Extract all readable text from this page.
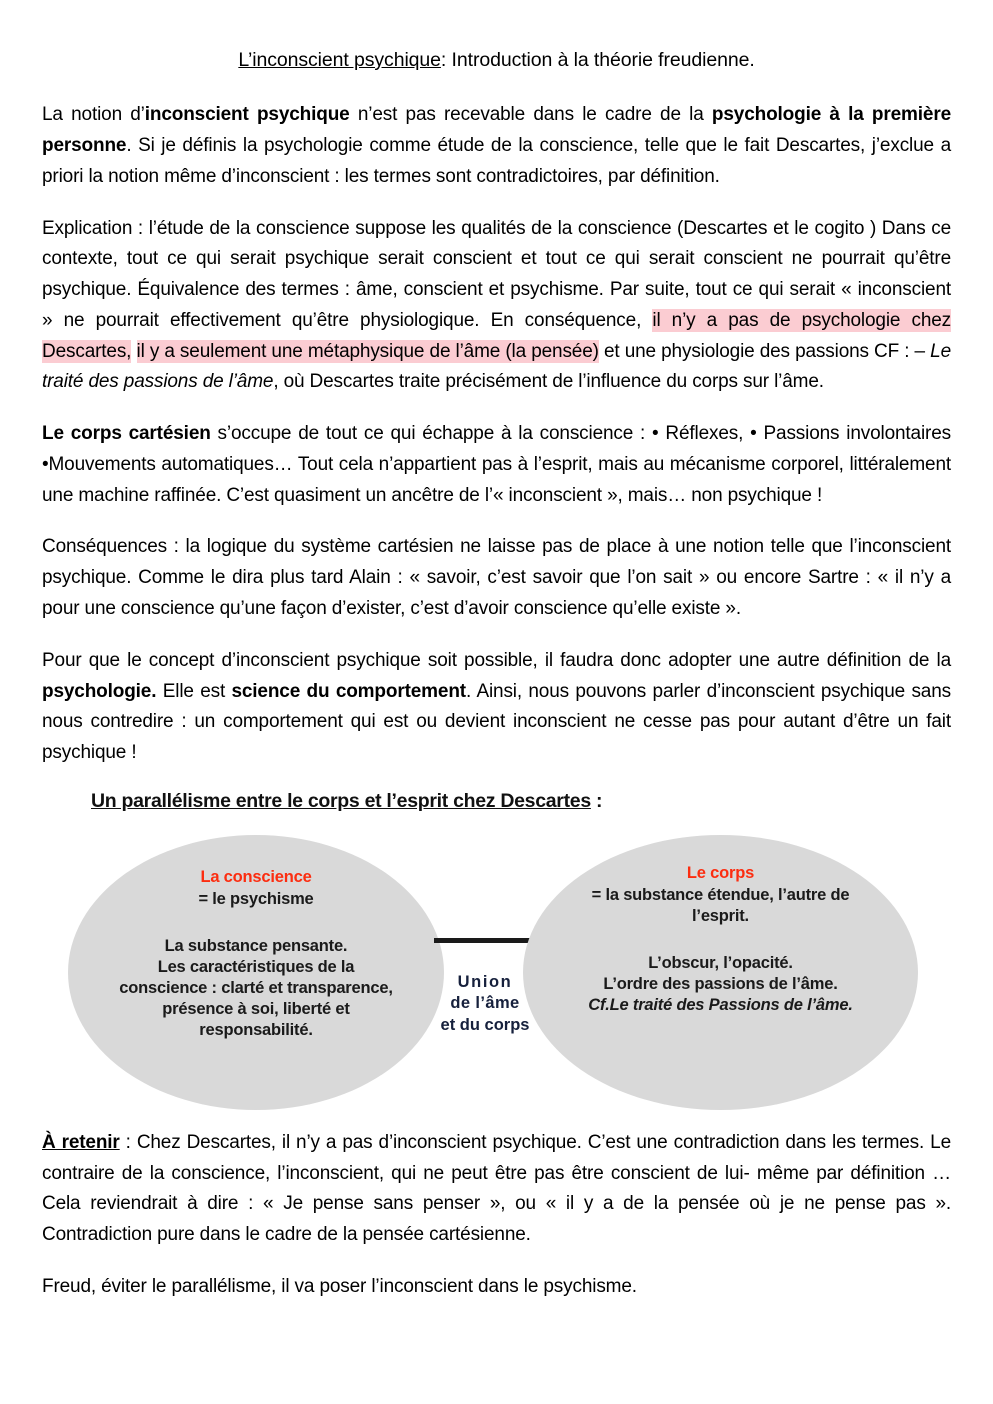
L’inconscient psychique: Introduction à la théorie freudienne.

La notion d’inconscient psychique n’est pas recevable dans le cadre de la psychologie à la première personne. Si je définis la psychologie comme étude de la conscience, telle que le fait Descartes, j’exclue a priori la notion même d’inconscient : les termes sont contradictoires, par définition.

Explication : l’étude de la conscience suppose les qualités de la conscience (Descartes et le cogito ) Dans ce contexte, tout ce qui serait psychique serait conscient et tout ce qui serait conscient ne pourrait qu’être psychique. Équivalence des termes : âme, conscient et psychisme. Par suite, tout ce qui serait « inconscient » ne pourrait effectivement qu’être physiologique. En conséquence, il n’y a pas de psychologie chez Descartes, il y a seulement une métaphysique de l’âme (la pensée) et une physiologie des passions CF : – Le traité des passions de l’âme, où Descartes traite précisément de l’influence du corps sur l’âme.

Le corps cartésien s’occupe de tout ce qui échappe à la conscience : • Réflexes, • Passions involontaires •Mouvements automatiques… Tout cela n’appartient pas à l’esprit, mais au mécanisme corporel, littéralement une machine raffinée. C’est quasiment un ancêtre de l’« inconscient », mais… non psychique !

Conséquences : la logique du système cartésien ne laisse pas de place à une notion telle que l’inconscient psychique. Comme le dira plus tard Alain : « savoir, c’est savoir que l’on sait » ou encore Sartre : « il n’y a pour une conscience qu’une façon d’exister, c’est d’avoir conscience qu’elle existe ».

Pour que le concept d’inconscient psychique soit possible, il faudra donc adopter une autre définition de la psychologie. Elle est science du comportement. Ainsi, nous pouvons parler d’inconscient psychique sans nous contredire : un comportement qui est ou devient inconscient ne cesse pas pour autant d’être un fait psychique !

Un parallélisme entre le corps et l’esprit chez Descartes :
La conscience
= le psychisme
La substance pensante.
Les caractéristiques de la
conscience : clarté et transparence,
présence à soi, liberté et
responsabilité.
Union
de l’âme
et du corps
Le corps
= la substance étendue, l’autre de
l’esprit.
L’obscur, l’opacité.
L’ordre des passions de l’âme.
Cf.Le traité des Passions de l’âme.

À retenir : Chez Descartes, il n’y a pas d’inconscient psychique. C’est une contradiction dans les termes. Le contraire de la conscience, l’inconscient, qui ne peut être pas être conscient de lui- même par définition …Cela reviendrait à dire : « Je pense sans penser », ou « il y a de la pensée où je ne pense pas ». Contradiction pure dans le cadre de la pensée cartésienne.

Freud, éviter le parallélisme, il va poser l’inconscient dans le psychisme.
